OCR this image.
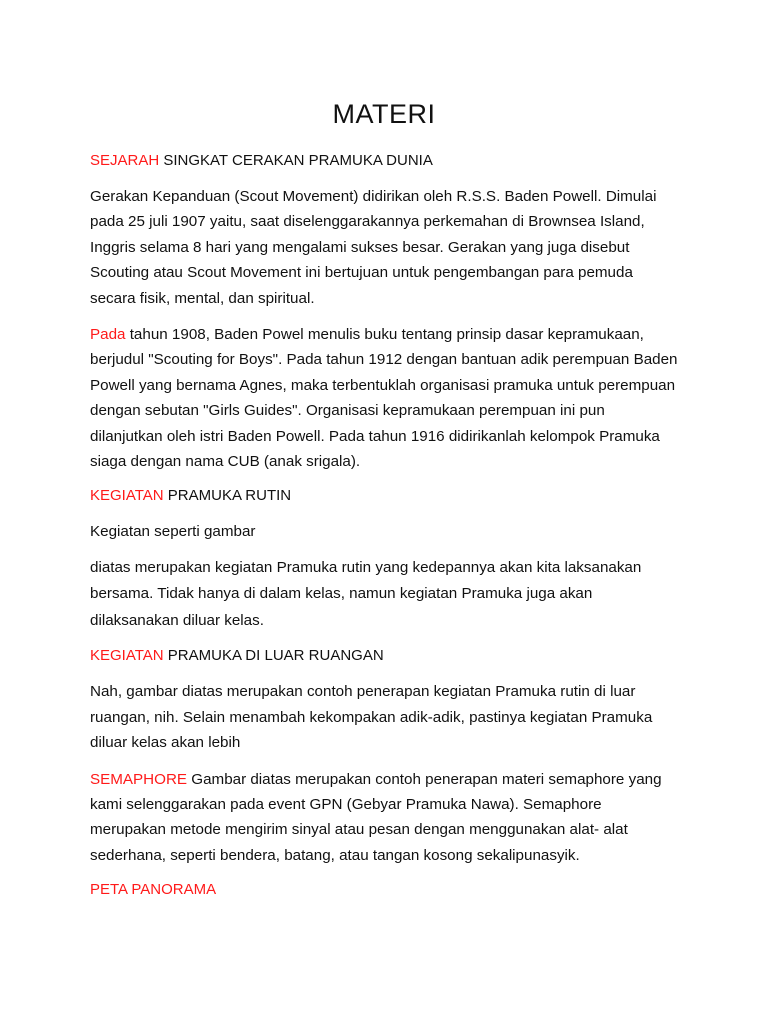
MATERI
SEJARAH SINGKAT CERAKAN PRAMUKA DUNIA

Gerakan Kepanduan (Scout Movement) didirikan oleh R.S.S. Baden Powell. Dimulai pada 25 juli 1907 yaitu, saat diselenggarakannya perkemahan di Brownsea Island, Inggris selama 8 hari yang mengalami sukses besar. Gerakan yang juga disebut Scouting atau Scout Movement ini bertujuan untuk pengembangan para pemuda secara fisik, mental, dan spiritual.

Pada tahun 1908, Baden Powel menulis buku tentang prinsip dasar kepramukaan, berjudul "Scouting for Boys". Pada tahun 1912 dengan bantuan adik perempuan Baden Powell yang bernama Agnes, maka terbentuklah organisasi pramuka untuk perempuan dengan sebutan "Girls Guides". Organisasi kepramukaan perempuan ini pun dilanjutkan oleh istri Baden Powell. Pada tahun 1916 didirikanlah kelompok Pramuka siaga dengan nama CUB (anak srigala).

KEGIATAN PRAMUKA RUTIN

Kegiatan seperti gambar

diatas merupakan kegiatan Pramuka rutin yang kedepannya akan kita laksanakan bersama. Tidak hanya di dalam kelas, namun kegiatan Pramuka juga akan dilaksanakan diluar kelas.

KEGIATAN PRAMUKA DI LUAR RUANGAN

Nah, gambar diatas merupakan contoh penerapan kegiatan Pramuka rutin di luar ruangan, nih. Selain menambah kekompakan adik-adik, pastinya kegiatan Pramuka diluar kelas akan lebih

SEMAPHORE Gambar diatas merupakan contoh penerapan materi semaphore yang kami selenggarakan pada event GPN (Gebyar Pramuka Nawa). Semaphore merupakan metode mengirim sinyal atau pesan dengan menggunakan alat- alat sederhana, seperti bendera, batang, atau tangan kosong sekalipunasyik.

PETA PANORAMA
